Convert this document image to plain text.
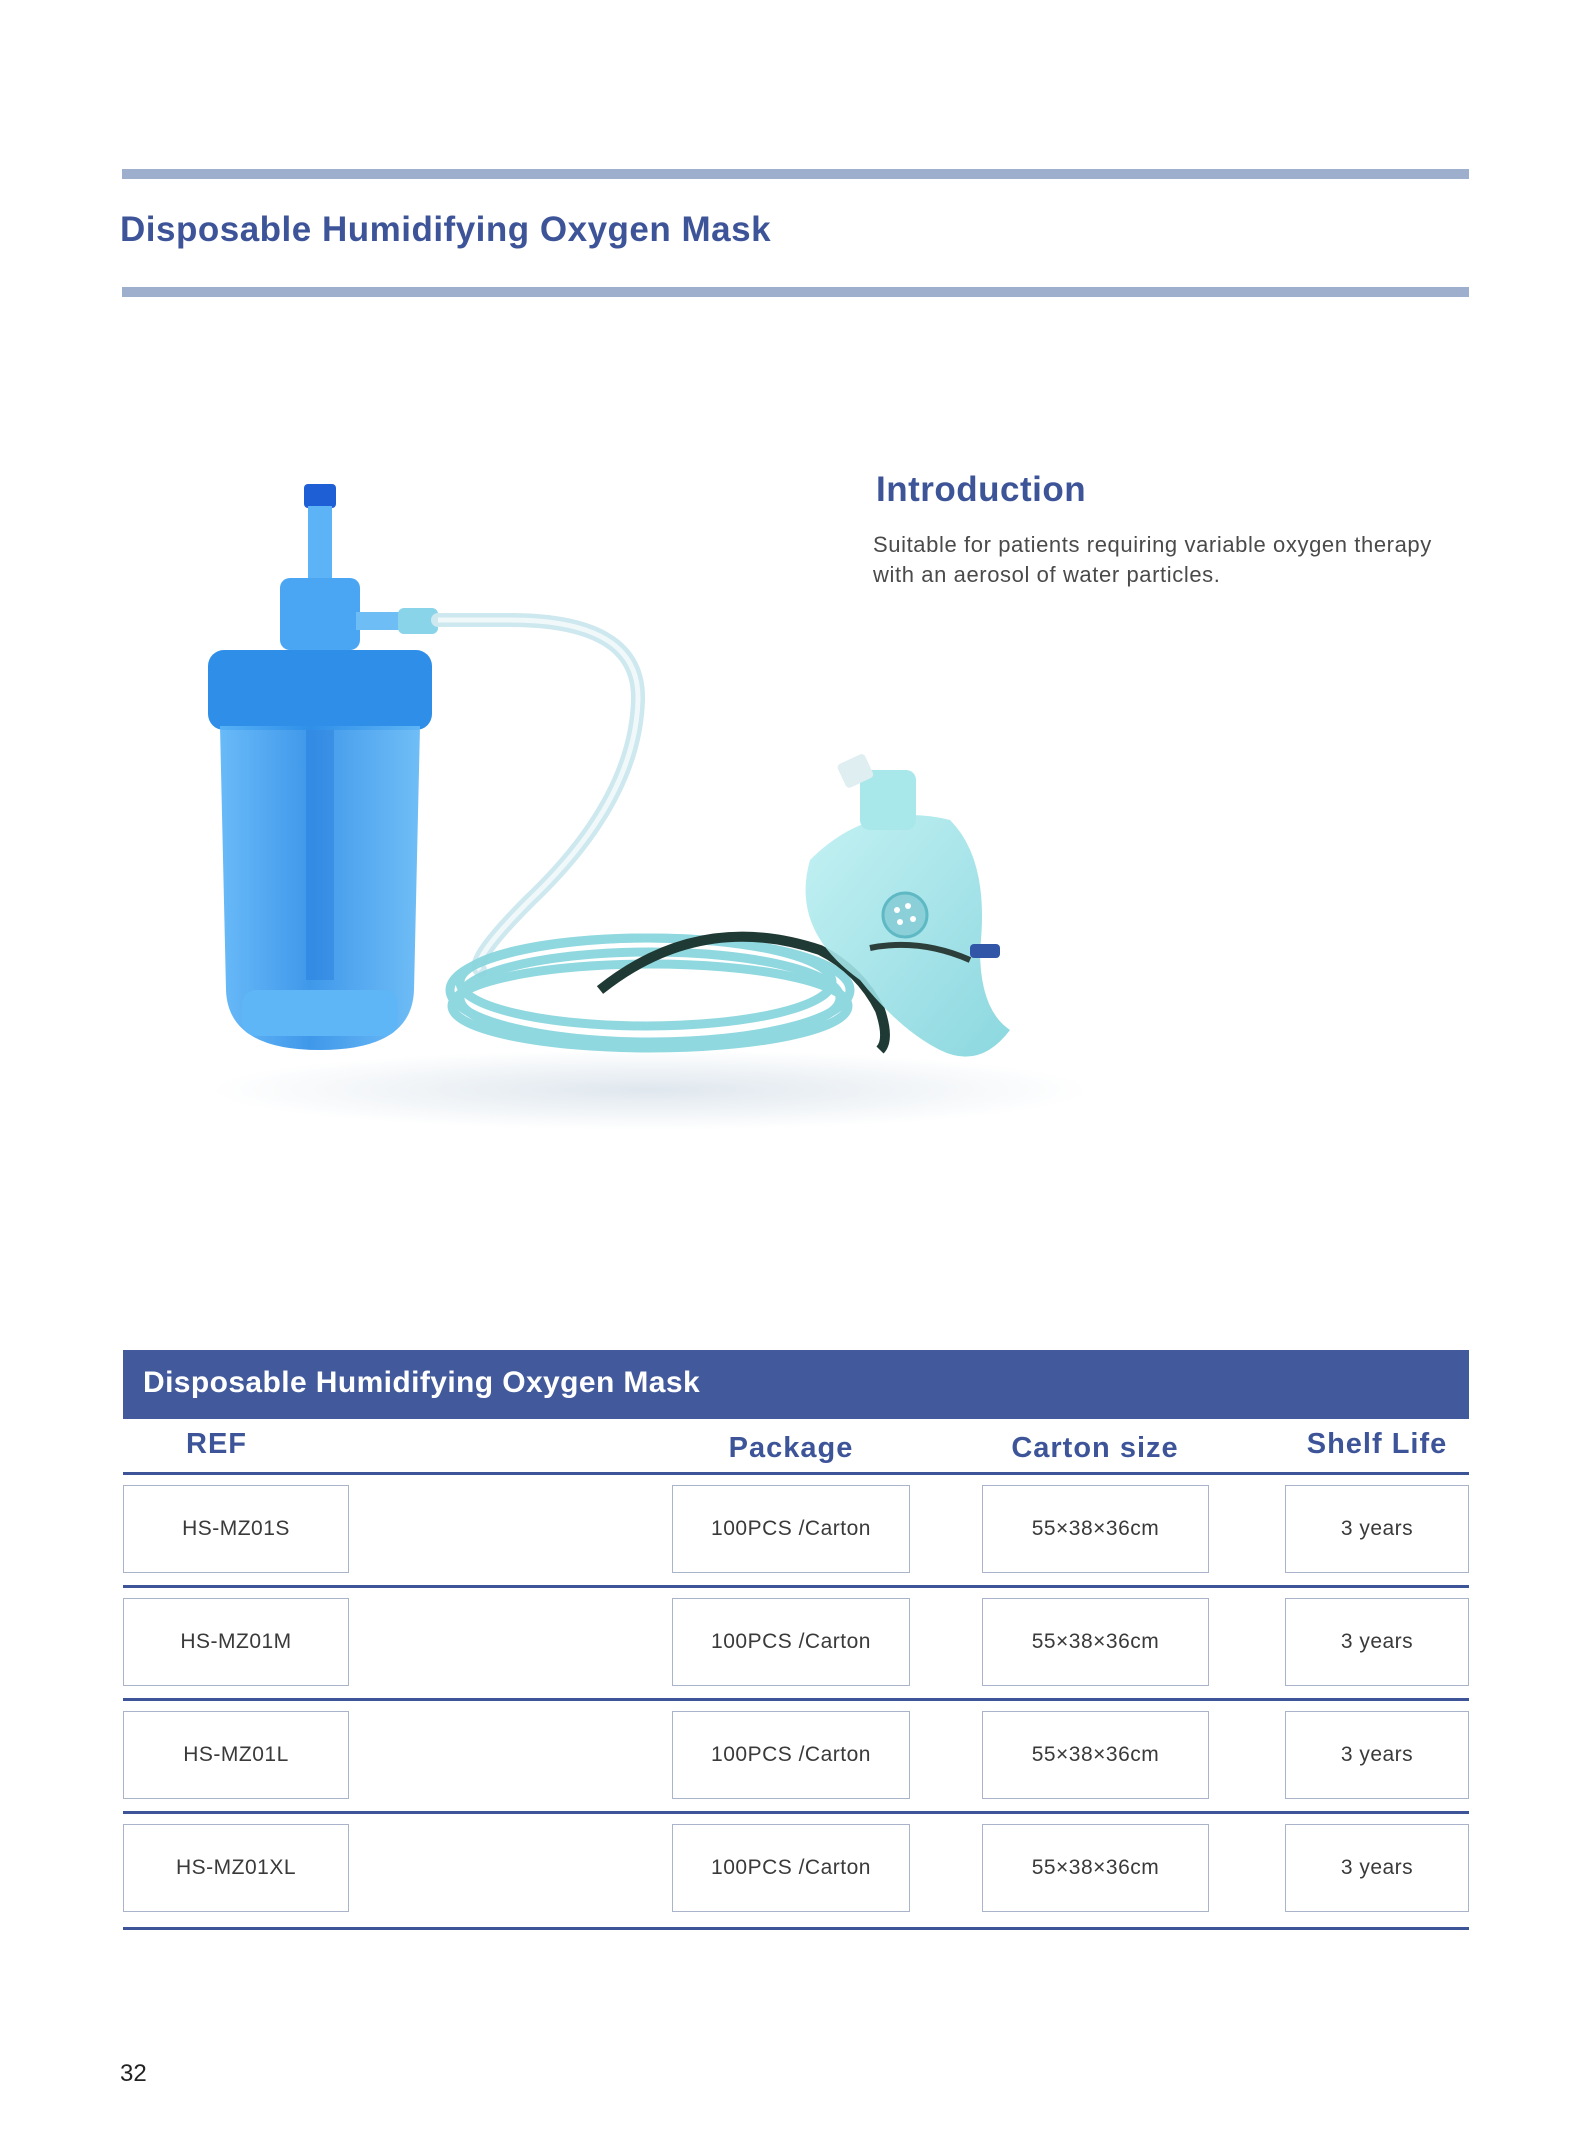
Disposable Humidifying Oxygen Mask
Introduction

Suitable for patients requiring variable oxygen therapy
with an aerosol of water particles.

Disposable Humidifying Oxygen Mask
REF	Package	Carton size	Shelf Life
HS-MZ01S	100PCS /Carton	55×38×36cm	3 years
HS-MZ01M	100PCS /Carton	55×38×36cm	3 years
HS-MZ01L	100PCS /Carton	55×38×36cm	3 years
HS-MZ01XL	100PCS /Carton	55×38×36cm	3 years

32
